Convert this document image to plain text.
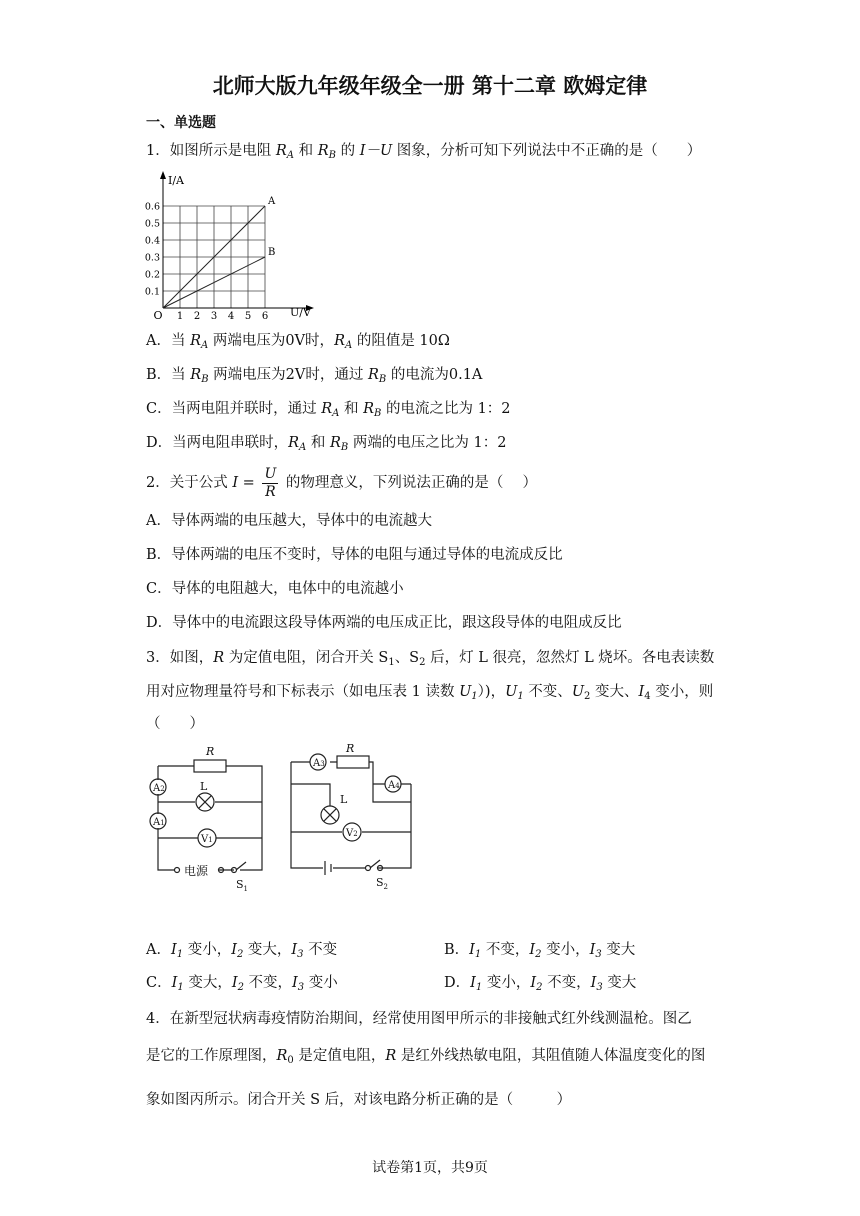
北师大版九年级年级全一册 第十二章 欧姆定律
一、单选题
1．如图所示是电阻 $R_A$ 和 $R_B$ 的 I－U 图象，分析可知下列说法中不正确的是（　　）
I/A
U/V
O 1 2 3 4 5 6
0.1
0.2
0.3
0.4
0.5
0.6	A
B
A．当 $R_A$ 两端电压为0V时，$R_A$ 的阻值是 10Ω
B．当 $R_B$ 两端电压为2V时，通过 $R_B$ 的电流为0.1A
C．当两电阻并联时，通过 $R_A$ 和 $R_B$ 的电流之比为 1：2
D．当两电阻串联时，$R_A$ 和 $R_B$ 两端的电压之比为 1：2
2．关于公式 $I = \frac{U}{R}$ 的物理意义，下列说法正确的是（　 ）
A．导体两端的电压越大，导体中的电流越大
B．导体两端的电压不变时，导体的电阻与通过导体的电流成反比
C．导体的电阻越大，电体中的电流越小
D．导体中的电流跟这段导体两端的电压成正比，跟这段导体的电阻成反比
3．如图，R 为定值电阻，闭合开关 $S_1$、$S_2$ 后，灯 L 很亮，忽然灯 L 烧坏。各电表读数
用对应物理量符号和下标表示（如电压表 1 读数 $U_1$）)，$U_1$ 不变、$U_2$ 变大、$I_4$ 变小，则
（　　）
R
L
A2
A1
V1
电源
$S_1$
R
A3
A4
L
V2
$S_2$
A．$I_1$ 变小，$I_2$ 变大，$I_3$ 不变	B．$I_1$ 不变，$I_2$ 变小，$I_3$ 变大
C．$I_1$ 变大，$I_2$ 不变，$I_3$ 变小	D．$I_1$ 变小，$I_2$ 不变，$I_3$ 变大
4．在新型冠状病毒疫情防治期间，经常使用图甲所示的非接触式红外线测温枪。图乙
是它的工作原理图，$R_0$ 是定值电阻，R 是红外线热敏电阻，其阻值随人体温度变化的图
象如图丙所示。闭合开关 S 后，对该电路分析正确的是（　　　）
试卷第1页，共9页
